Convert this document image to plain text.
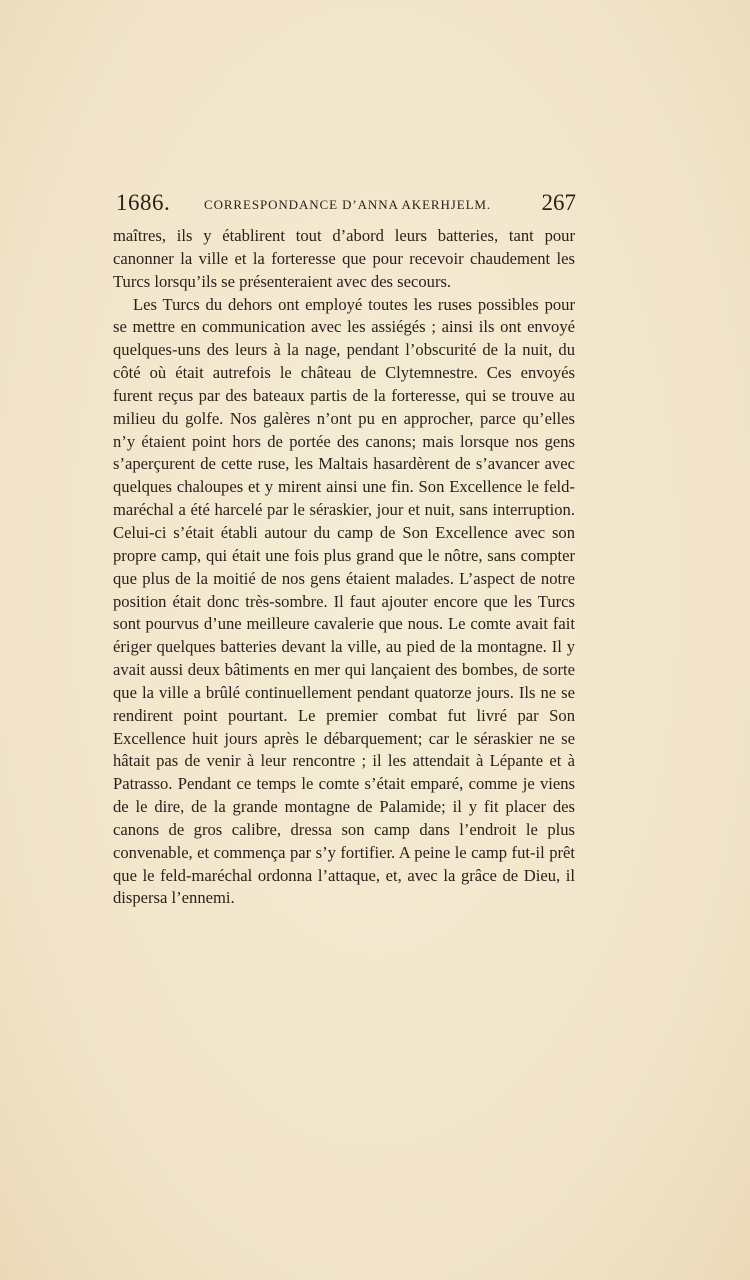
1686.	CORRESPONDANCE D’ANNA AKERHJELM. 267

maîtres, ils y établirent tout d’abord leurs batteries, tant pour canonner la ville et la forteresse que pour recevoir chaudement les Turcs lorsqu’ils se présenteraient avec des secours.

Les Turcs du dehors ont employé toutes les ruses possibles pour se mettre en communication avec les assiégés ; ainsi ils ont envoyé quelques-uns des leurs à la nage, pendant l’obscurité de la nuit, du côté où était autrefois le château de Clytemnestre. Ces envoyés furent reçus par des bateaux partis de la forteresse, qui se trouve au milieu du golfe. Nos galères n’ont pu en approcher, parce qu’elles n’y étaient point hors de portée des canons; mais lorsque nos gens s’aperçurent de cette ruse, les Maltais hasardèrent de s’avancer avec quelques chaloupes et y mirent ainsi une fin. Son Excellence le feld-maréchal a été harcelé par le séraskier, jour et nuit, sans interruption. Celui-ci s’était établi autour du camp de Son Excellence avec son propre camp, qui était une fois plus grand que le nôtre, sans compter que plus de la moitié de nos gens étaient malades. L’aspect de notre position était donc très-sombre. Il faut ajouter encore que les Turcs sont pourvus d’une meilleure cavalerie que nous. Le comte avait fait ériger quelques batteries devant la ville, au pied de la montagne. Il y avait aussi deux bâtiments en mer qui lançaient des bombes, de sorte que la ville a brûlé continuellement pendant quatorze jours. Ils ne se rendirent point pourtant. Le premier combat fut livré par Son Excellence huit jours après le débarquement; car le séraskier ne se hâtait pas de venir à leur rencontre ; il les attendait à Lépante et à Patrasso. Pendant ce temps le comte s’était emparé, comme je viens de le dire, de la grande montagne de Palamide; il y fit placer des canons de gros calibre, dressa son camp dans l’endroit le plus convenable, et commença par s’y fortifier. A peine le camp fut-il prêt que le feld-maréchal ordonna l’attaque, et, avec la grâce de Dieu, il dispersa l’ennemi.
